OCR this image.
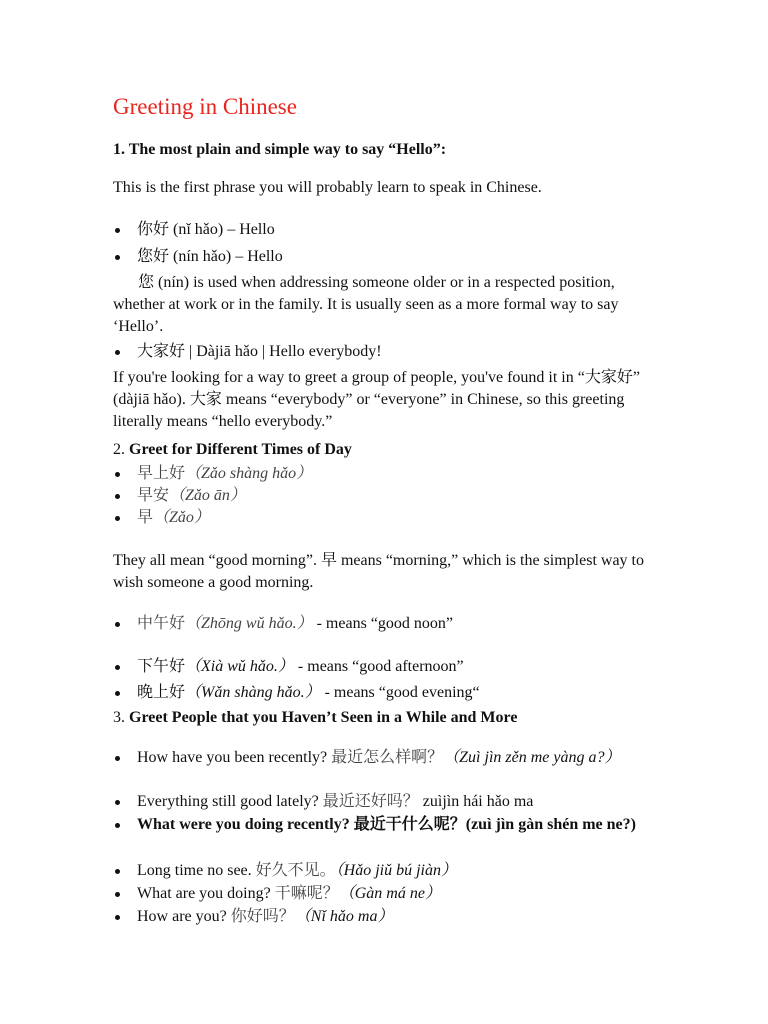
Greeting in Chinese
1. The most plain and simple way to say “Hello”:
This is the first phrase you will probably learn to speak in Chinese.
你好 (nǐ hǎo) – Hello
您好 (nín hǎo) – Hello
您 (nín) is used when addressing someone older or in a respected position, whether at work or in the family. It is usually seen as a more formal way to say ‘Hello’.
大家好 | Dàjiā hǎo | Hello everybody!
If you're looking for a way to greet a group of people, you've found it in “大家好” (dàjiā hǎo). 大家 means “everybody” or “everyone” in Chinese, so this greeting literally means “hello everybody.”
2. Greet for Different Times of Day
早上好（Zǎo shàng hǎo）
早安（Zǎo ān）
早（Zǎo）
They all mean “good morning”. 早 means “morning,” which is the simplest way to wish someone a good morning.
中午好（Zhōng wǔ hǎo.） - means “good noon”
下午好（Xià wǔ hǎo.） - means “good afternoon”
晚上好（Wǎn shàng hǎo.） - means “good evening“
3. Greet People that you Haven’t Seen in a While and More
How have you been recently? 最近怎么样啊？（Zuì jìn zěn me yàng a?）
Everything still good lately? 最近还好吗？ zuìjìn hái hǎo ma
What were you doing recently? 最近干什么呢？(zuì jìn gàn shén me ne?)
Long time no see. 好久不见。（Hǎo jiǔ bú jiàn）
What are you doing? 干嘛呢？（Gàn má ne）
How are you? 你好吗？（Nǐ hǎo ma）
